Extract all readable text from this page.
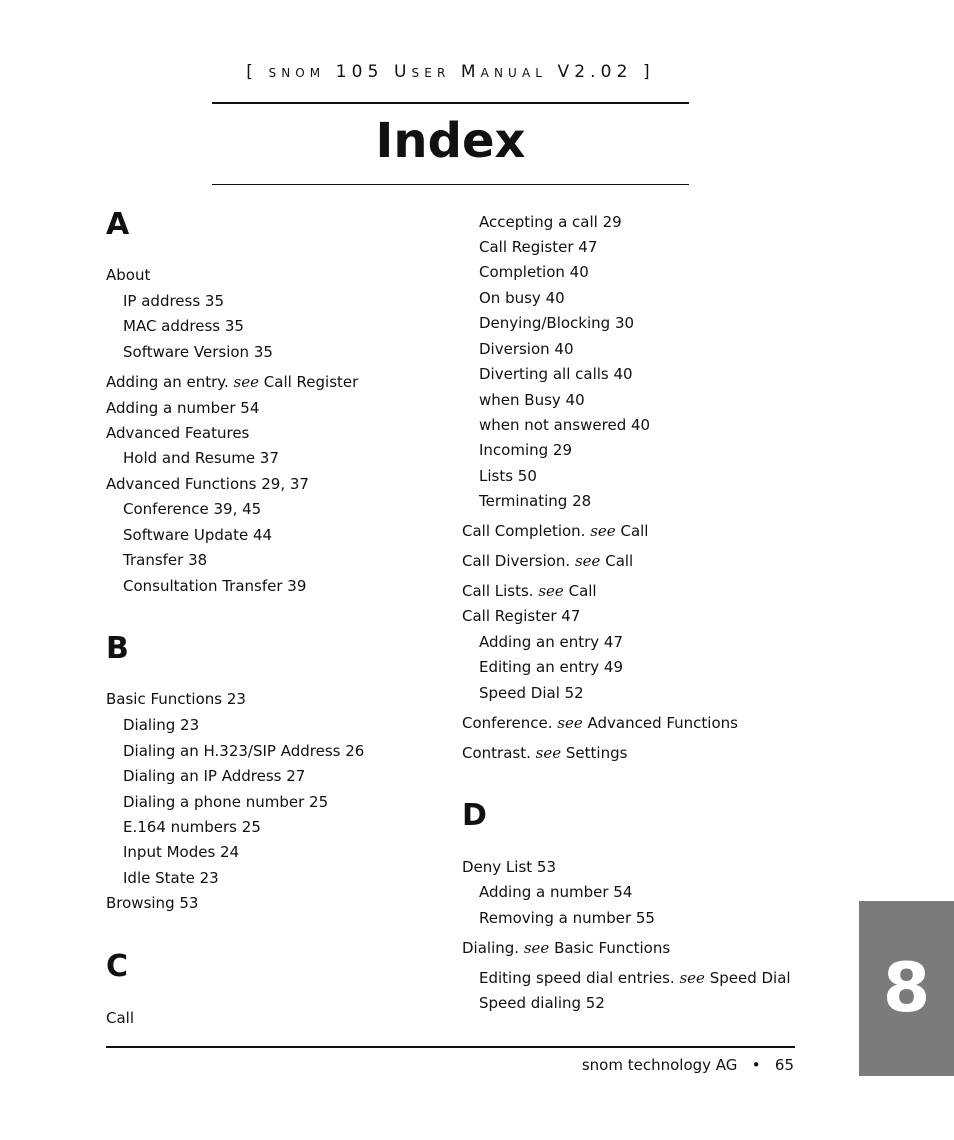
[ snom 105 User Manual V2.02 ]
Index
A
About
IP address 35
MAC address 35
Software Version 35
Adding an entry. see Call Register
Adding a number 54
Advanced Features
Hold and Resume 37
Advanced Functions 29, 37
Conference 39, 45
Software Update 44
Transfer 38
Consultation Transfer 39
B
Basic Functions 23
Dialing 23
Dialing an H.323/SIP Address 26
Dialing an IP Address 27
Dialing a phone number 25
E.164 numbers 25
Input Modes 24
Idle State 23
Browsing 53
C
Call
Accepting a call 29
Call Register 47
Completion 40
On busy 40
Denying/Blocking 30
Diversion 40
Diverting all calls 40
when Busy 40
when not answered 40
Incoming 29
Lists 50
Terminating 28
Call Completion. see Call
Call Diversion. see Call
Call Lists. see Call
Call Register 47
Adding an entry 47
Editing an entry 49
Speed Dial 52
Conference. see Advanced Functions
Contrast. see Settings
D
Deny List 53
Adding a number 54
Removing a number 55
Dialing. see Basic Functions
Editing speed dial entries. see Speed Dial
Speed dialing 52
snom technology AG • 65
8
